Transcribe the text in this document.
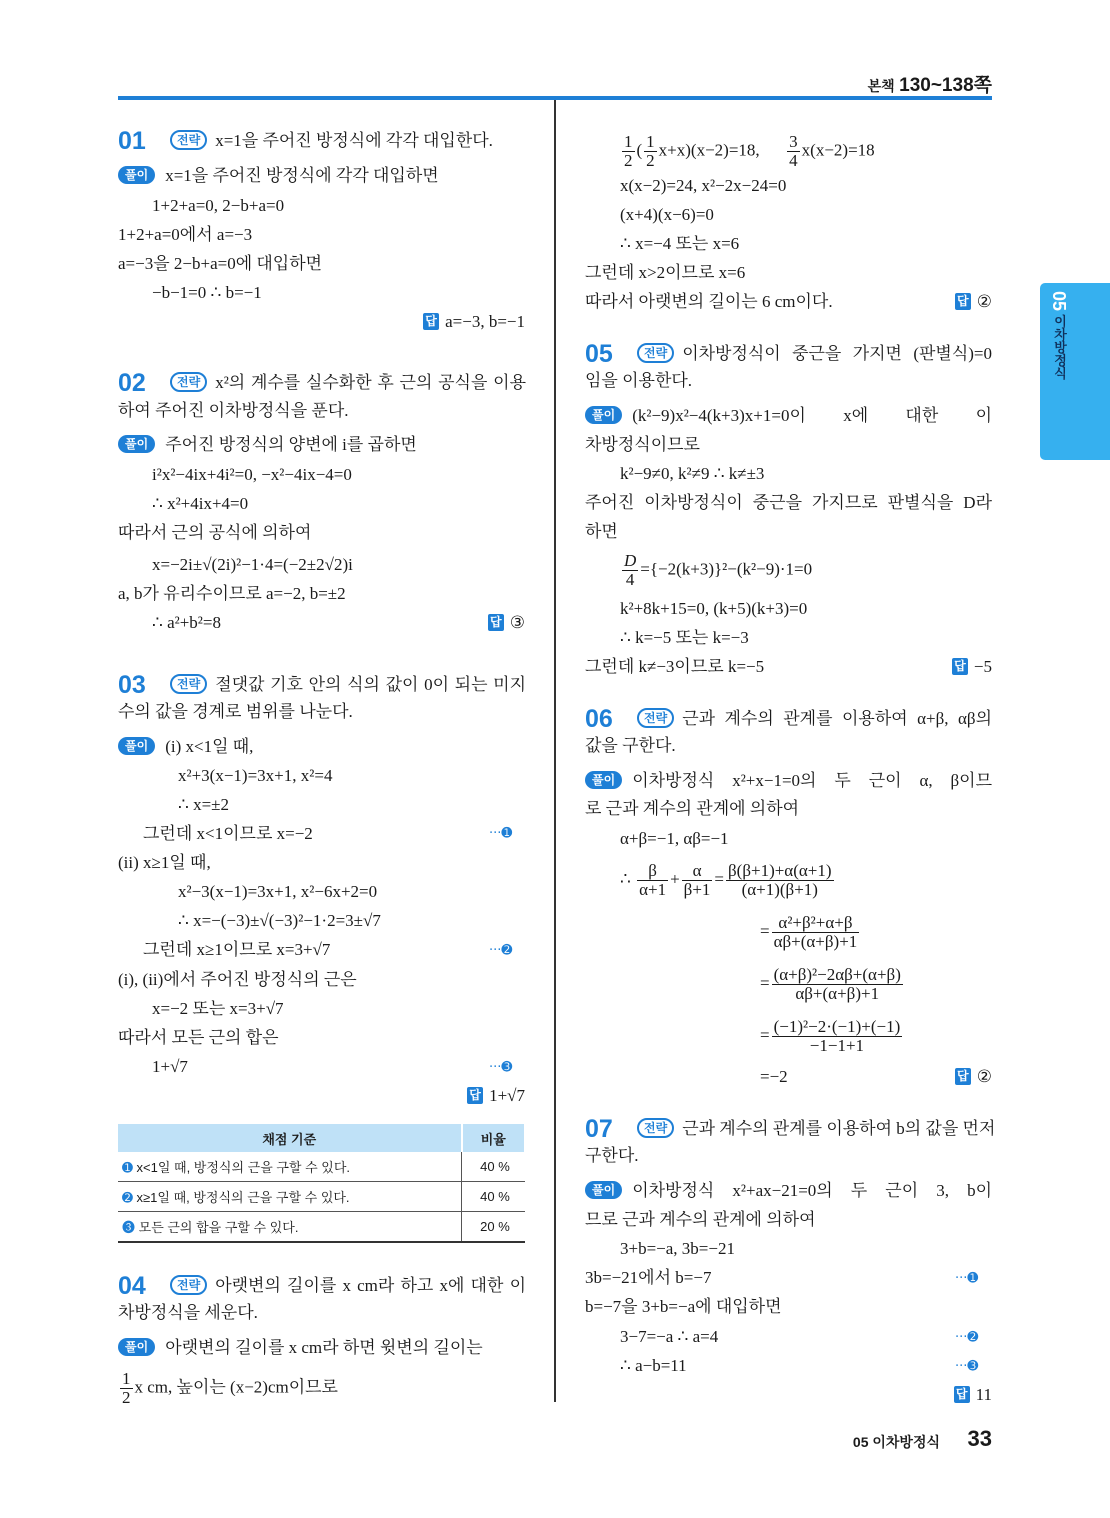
본책 130~138쪽
05 이차방정식
01	전략 x=1을 주어진 방정식에 각각 대입한다.
풀이 x=1을 주어진 방정식에 각각 대입하면
1+2+a=0, 2−b+a=0
1+2+a=0에서 a=−3
a=−3을 2−b+a=0에 대입하면
−b−1=0 ∴ b=−1
답 a=−3, b=−1
02	전략 x²의 계수를 실수화한 후 근의 공식을 이용
하여 주어진 이차방정식을 푼다.
풀이 주어진 방정식의 양변에 i를 곱하면
i²x²−4ix+4i²=0, −x²−4ix−4=0
∴ x²+4ix+4=0
따라서 근의 공식에 의하여
x=−2i±√(2i)²−1·4=(−2±2√2)i
a, b가 유리수이므로 a=−2, b=±2
∴ a²+b²=8	답 ③
03	전략 절댓값 기호 안의 식의 값이 0이 되는 미지
수의 값을 경계로 범위를 나눈다.
풀이 (i) x<1일 때,
x²+3(x−1)=3x+1, x²=4
∴ x=±2
그런데 x<1이므로 x=−2	···➊
(ii) x≥1일 때,
x²−3(x−1)=3x+1, x²−6x+2=0
∴ x=−(−3)±√(−3)²−1·2=3±√7
그런데 x≥1이므로 x=3+√7	···➋
(i), (ii)에서 주어진 방정식의 근은
x=−2 또는 x=3+√7
따라서 모든 근의 합은
1+√7	···➌
답 1+√7
채점 기준	비율
➊ x<1일 때, 방정식의 근을 구할 수 있다.	40 %
➋ x≥1일 때, 방정식의 근을 구할 수 있다.	40 %
➌ 모든 근의 합을 구할 수 있다.	20 %
04	전략 아랫변의 길이를 x cm라 하고 x에 대한 이
차방정식을 세운다.
풀이 아랫변의 길이를 x cm라 하면 윗변의 길이는
$\frac{1}{2}$ x cm, 높이는 (x−2)cm이므로
$\frac{1}{2}$ ( $\frac{1}{2} x+x)(x-2)=18$, $\frac{3}{4} x(x-2)=18$
x(x−2)=24, x²−2x−24=0
(x+4)(x−6)=0
∴ x=−4 또는 x=6
그런데 x>2이므로 x=6
따라서 아랫변의 길이는 6 cm이다.	답 ②
05	전략 이차방정식이 중근을 가지면 (판별식)=0
임을 이용한다.
풀이 (k²−9)x²−4(k+3)x+1=0이 x에 대한 이
차방정식이므로
k²−9≠0, k²≠9 ∴ k≠±3
주어진 이차방정식이 중근을 가지므로 판별식을 D라
하면
$\frac{D}{4} =\{-2(k+3)\}^2-(k^2-9)\cdot 1=0$
k²+8k+15=0, (k+5)(k+3)=0
∴ k=−5 또는 k=−3
그런데 k≠−3이므로 k=−5	답 −5
06	전략 근과 계수의 관계를 이용하여 α+β, αβ의
값을 구한다.
풀이 이차방정식 x²+x−1=0의 두 근이 α, β이므
로 근과 계수의 관계에 의하여
α+β=−1, αβ=−1
∴ $\frac{\beta}{\alpha+1} + \frac{\alpha}{\beta+1} = \frac{\beta(\beta+1)+\alpha(\alpha+1)}{(\alpha+1)(\beta+1)}$
= $\frac{\text{α²+β²+α+β}}{\alpha\beta+(\alpha+\beta)+1}$
= $\frac{\text{(α+β)²−2αβ+(α+β)}}{\alpha\beta+(\alpha+\beta)+1}$
= $\frac{\text{(−1)²−2·(−1)+(−1)}}{-1-1+1}$
=−2	답 ②
07	전략 근과 계수의 관계를 이용하여 b의 값을 먼저
구한다.
풀이 이차방정식 x²+ax−21=0의 두 근이 3, b이
므로 근과 계수의 관계에 의하여
3+b=−a, 3b=−21
3b=−21에서 b=−7	···➊
b=−7을 3+b=−a에 대입하면
3−7=−a ∴ a=4	···➋
∴ a−b=11	···➌
답 11
05 이차방정식 33
